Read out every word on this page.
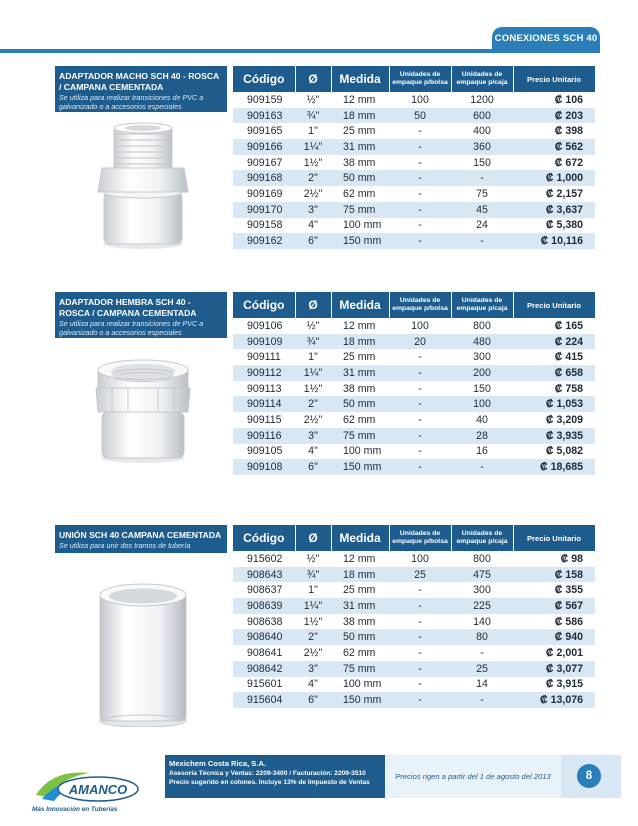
CONEXIONES SCH 40
ADAPTADOR MACHO SCH 40 - ROSCA / CAMPANA CEMENTADA
Se utiliza para realizar transiciones de PVC a galvanizado o a accesorios especiales
Código	Ø	Medida	Unidades de empaque p/bolsa	Unidades de empaque p/caja	Precio Unitario
909159	½"	12 mm	100	1200	₡ 106
909163	¾"	18 mm	50	600	₡ 203
909165	1"	25 mm	-	400	₡ 398
909166	1¼"	31 mm	-	360	₡ 562
909167	1½"	38 mm	-	150	₡ 672
909168	2"	50 mm	-	-	₡ 1,000
909169	2½"	62 mm	-	75	₡ 2,157
909170	3"	75 mm	-	45	₡ 3,637
909158	4"	100 mm	-	24	₡ 5,380
909162	6"	150 mm	-	-	₡ 10,116
ADAPTADOR HEMBRA SCH 40 - ROSCA / CAMPANA CEMENTADA
Se utiliza para realizar transiciones de PVC a galvanizado o a accesorios especiales
Código	Ø	Medida	Unidades de empaque p/bolsa	Unidades de empaque p/caja	Precio Unitario
909106	½"	12 mm	100	800	₡ 165
909109	¾"	18 mm	20	480	₡ 224
909111	1"	25 mm	-	300	₡ 415
909112	1¼"	31 mm	-	200	₡ 658
909113	1½"	38 mm	-	150	₡ 758
909114	2"	50 mm	-	100	₡ 1,053
909115	2½"	62 mm	-	40	₡ 3,209
909116	3"	75 mm	-	28	₡ 3,935
909105	4"	100 mm	-	16	₡ 5,082
909108	6"	150 mm	-	-	₡ 18,685
UNIÓN SCH 40 CAMPANA CEMENTADA
Se utiliza para unir dos tramos de tubería
Código	Ø	Medida	Unidades de empaque p/bolsa	Unidades de empaque p/caja	Precio Unitario
915602	½"	12 mm	100	800	₡ 98
908643	¾"	18 mm	25	475	₡ 158
908637	1"	25 mm	-	300	₡ 355
908639	1¼"	31 mm	-	225	₡ 567
908638	1½"	38 mm	-	140	₡ 586
908640	2"	50 mm	-	80	₡ 940
908641	2½"	62 mm	-	-	₡ 2,001
908642	3"	75 mm	-	25	₡ 3,077
915601	4"	100 mm	-	14	₡ 3,915
915604	6"	150 mm	-	-	₡ 13,076
AMANCO
Más Innovación en Tuberías
Mexichem Costa Rica, S.A.
Asesoría Técnica y Ventas: 2209-3400 / Facturación: 2209-3510
Precio sugerido en colones. Incluye 13% de Impuesto de Ventas
Precios rigen a partir del 1 de agosto del 2013	8
